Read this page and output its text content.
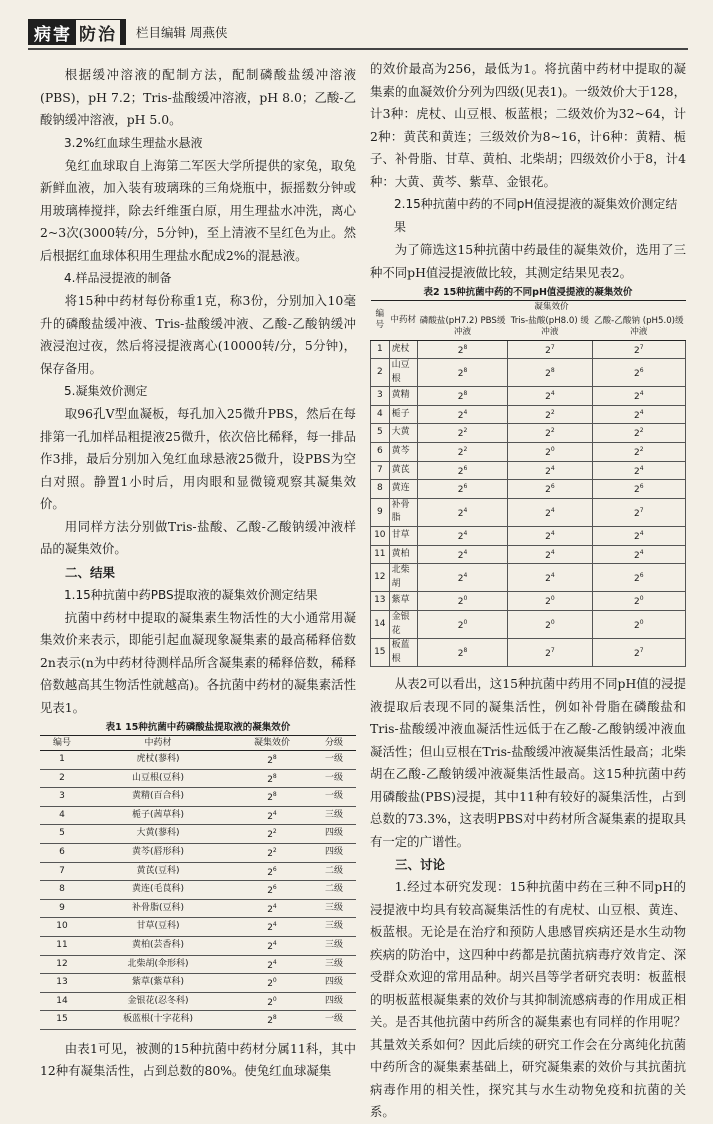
病害 防治 栏目编辑 周燕侠

根据缓冲溶液的配制方法，配制磷酸盐缓冲溶液(PBS)，pH 7.2；Tris-盐酸缓冲溶液，pH 8.0；乙酸-乙酸钠缓冲溶液，pH 5.0。

3.2%红血球生理盐水悬液

兔红血球取自上海第二军医大学所提供的家兔，取兔新鲜血液，加入装有玻璃珠的三角烧瓶中，振摇数分钟或用玻璃棒搅拌，除去纤维蛋白原，用生理盐水冲洗，离心2~3次(3000转/分，5分钟)，至上清液不呈红色为止。然后根据红血球体积用生理盐水配成2%的混悬液。

4.样品浸提液的制备

将15种中药材每份称重1克，称3份，分别加入10毫升的磷酸盐缓冲液、Tris-盐酸缓冲液、乙酸-乙酸钠缓冲液浸泡过夜，然后将浸提液离心(10000转/分，5分钟)，保存备用。

5.凝集效价测定

取96孔V型血凝板，每孔加入25微升PBS，然后在每排第一孔加样品粗提液25微升，依次倍比稀释，每一排品作3排，最后分别加入兔红血球悬液25微升，设PBS为空白对照。静置1小时后，用肉眼和显微镜观察其凝集效价。

用同样方法分别做Tris-盐酸、乙酸-乙酸钠缓冲液样品的凝集效价。

二、结果
1.15种抗菌中药PBS提取液的凝集效价测定结果

抗菌中药材中提取的凝集素生物活性的大小通常用凝集效价来表示，即能引起血凝现象凝集素的最高稀释倍数2n表示(n为中药材待测样品所含凝集素的稀释倍数，稀释倍数越高其生物活性就越高)。各抗菌中药材的凝集素活性见表1。

表1 15种抗菌中药磷酸盐提取液的凝集效价
编号	中药材	凝集效价	分级
1	虎杖(蓼科)	$2^8$	一级
2	山豆根(豆科)	$2^8$	一级
3	黄精(百合科)	$2^8$	一级
4	栀子(茜草科)	$2^4$	三级
5	大黄(蓼科)	$2^2$	四级
6	黄芩(唇形科)	$2^2$	四级
7	黄芪(豆科)	$2^6$	二级
8	黄连(毛茛科)	$2^6$	二级
9	补骨脂(豆科)	$2^4$	三级
10	甘草(豆科)	$2^4$	三级
11	黄柏(芸香科)	$2^4$	三级
12	北柴胡(伞形科)	$2^4$	三级
13	紫草(紫草科)	$2^0$	四级
14	金银花(忍冬科)	$2^0$	四级
15	板蓝根(十字花科)	$2^8$	一级

由表1可见，被测的15种抗菌中药材分属11科，其中12种有凝集活性，占到总数的80%。使兔红血球凝集

的效价最高为256，最低为1。将抗菌中药材中提取的凝集素的血凝效价分列为四级(见表1)。一级效价大于128，计3种：虎杖、山豆根、板蓝根；二级效价为32~64，计2种：黄芪和黄连；三级效价为8~16，计6种：黄精、栀子、补骨脂、甘草、黄柏、北柴胡；四级效价小于8，计4种：大黄、黄芩、紫草、金银花。

2.15种抗菌中药的不同pH值浸提液的凝集效价测定结果

为了筛选这15种抗菌中药最佳的凝集效价，选用了三种不同pH值浸提液做比较，其测定结果见表2。

表2 15种抗菌中药的不同pH值浸提液的凝集效价
编号	中药材	凝集效价		
		磷酸盐(pH7.2) PBS缓冲液	Tris-盐酸(pH8.0) 缓冲液	乙酸-乙酸钠 (pH5.0)缓冲液
1	虎杖	$2^8$	$2^7$	$2^7$
2	山豆根	$2^8$	$2^8$	$2^6$
3	黄精	$2^8$	$2^4$	$2^4$
4	栀子	$2^4$	$2^2$	$2^4$
5	大黄	$2^2$	$2^2$	$2^2$
6	黄芩	$2^2$	$2^0$	$2^2$
7	黄芪	$2^6$	$2^4$	$2^4$
8	黄连	$2^6$	$2^6$	$2^6$
9	补骨脂	$2^4$	$2^4$	$2^7$
10	甘草	$2^4$	$2^4$	$2^4$
11	黄柏	$2^4$	$2^4$	$2^4$
12	北柴胡	$2^4$	$2^4$	$2^6$
13	紫草	$2^0$	$2^0$	$2^0$
14	金银花	$2^0$	$2^0$	$2^0$
15	板蓝根	$2^8$	$2^7$	$2^7$

从表2可以看出，这15种抗菌中药用不同pH值的浸提液提取后表现不同的凝集活性，例如补骨脂在磷酸盐和Tris-盐酸缓冲液血凝活性远低于在乙酸-乙酸钠缓冲液血凝活性；但山豆根在Tris-盐酸缓冲液凝集活性最高；北柴胡在乙酸-乙酸钠缓冲液凝集活性最高。这15种抗菌中药用磷酸盐(PBS)浸提，其中11种有较好的凝集活性，占到总数的73.3%，这表明PBS对中药材所含凝集素的提取具有一定的广谱性。

三、讨论

1.经过本研究发现：15种抗菌中药在三种不同pH的浸提液中均具有较高凝集活性的有虎杖、山豆根、黄连、板蓝根。无论是在治疗和预防人患感冒疾病还是水生动物疾病的防治中，这四种中药都是抗菌抗病毒疗效肯定、深受群众欢迎的常用品种。胡兴昌等学者研究表明：板蓝根的明板蓝根凝集素的效价与其抑制流感病毒的作用成正相关。是否其他抗菌中药所含的凝集素也有同样的作用呢？其量效关系如何？因此后续的研究工作会在分离纯化抗菌中药所含的凝集素基础上，研究凝集素的效价与其抗菌抗病毒作用的相关性，探究其与水生动物免疫和抗菌的关系。
